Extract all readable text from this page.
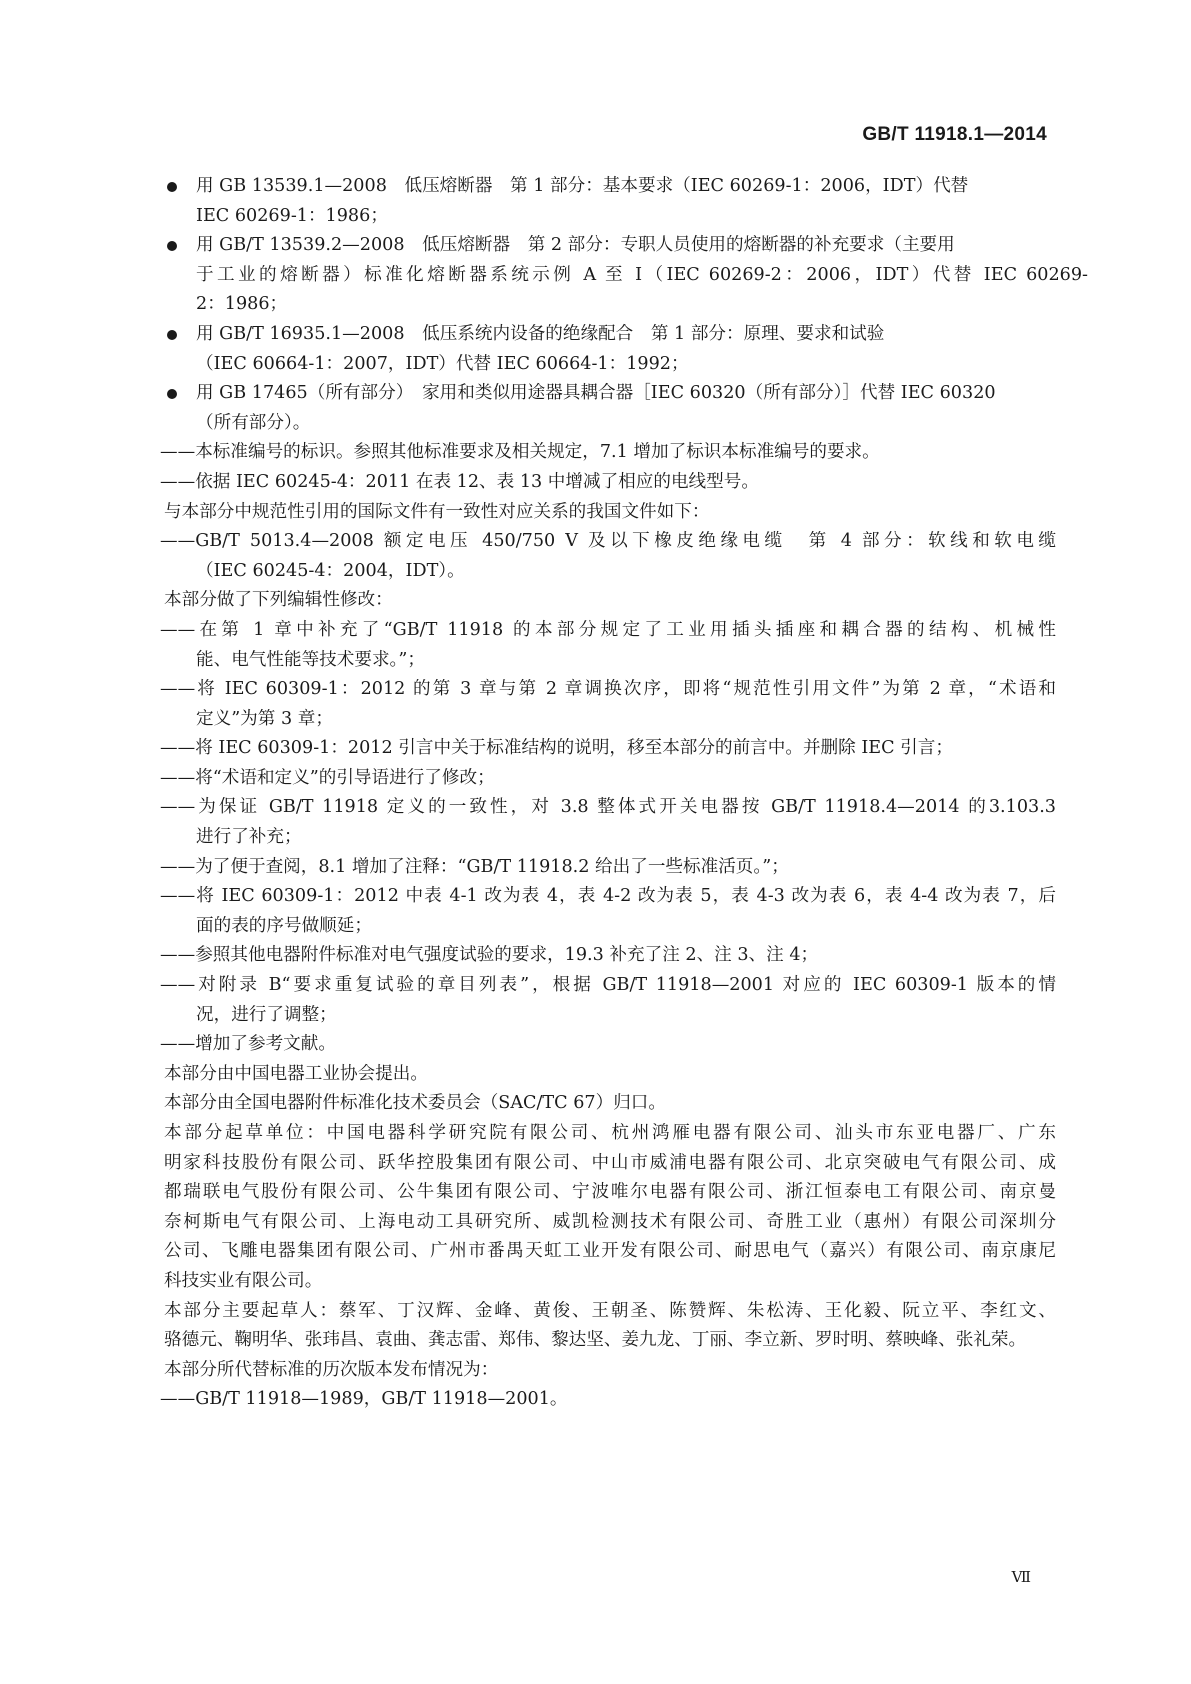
GB/T 11918.1—2014
用 GB 13539.1—2008　低压熔断器　第 1 部分：基本要求（IEC 60269-1：2006，IDT）代替
IEC 60269-1：1986；
用 GB/T 13539.2—2008　低压熔断器　第 2 部分：专职人员使用的熔断器的补充要求（主要用
于工业的熔断器）标准化熔断器系统示例 A 至 I（IEC 60269-2：2006，IDT）代替 IEC 60269-
2：1986；
用 GB/T 16935.1—2008　低压系统内设备的绝缘配合　第 1 部分：原理、要求和试验
（IEC 60664-1：2007，IDT）代替 IEC 60664-1：1992；
用 GB 17465（所有部分）　家用和类似用途器具耦合器［IEC 60320（所有部分）］代替 IEC 60320
（所有部分）。
——本标准编号的标识。参照其他标准要求及相关规定，7.1 增加了标识本标准编号的要求。
——依据 IEC 60245-4：2011 在表 12、表 13 中增减了相应的电线型号。
与本部分中规范性引用的国际文件有一致性对应关系的我国文件如下：
——GB/T 5013.4—2008 额定电压 450/750 V 及以下橡皮绝缘电缆　第 4 部分：软线和软电缆
（IEC 60245-4：2004，IDT）。
本部分做了下列编辑性修改：
——在第 1 章中补充了“GB/T 11918 的本部分规定了工业用插头插座和耦合器的结构、机械性
能、电气性能等技术要求。”；
——将 IEC 60309-1：2012 的第 3 章与第 2 章调换次序，即将“规范性引用文件”为第 2 章，“术语和
定义”为第 3 章；
——将 IEC 60309-1：2012 引言中关于标准结构的说明，移至本部分的前言中。并删除 IEC 引言；
——将“术语和定义”的引导语进行了修改；
——为保证 GB/T 11918 定义的一致性，对 3.8 整体式开关电器按 GB/T 11918.4—2014 的3.103.3
进行了补充；
——为了便于查阅，8.1 增加了注释：“GB/T 11918.2 给出了一些标准活页。”；
——将 IEC 60309-1：2012 中表 4-1 改为表 4，表 4-2 改为表 5，表 4-3 改为表 6，表 4-4 改为表 7，后
面的表的序号做顺延；
——参照其他电器附件标准对电气强度试验的要求，19.3 补充了注 2、注 3、注 4；
——对附录 B“要求重复试验的章目列表”，根据 GB/T 11918—2001 对应的 IEC 60309-1 版本的情
况，进行了调整；
——增加了参考文献。
本部分由中国电器工业协会提出。
本部分由全国电器附件标准化技术委员会（SAC/TC 67）归口。
本部分起草单位：中国电器科学研究院有限公司、杭州鸿雁电器有限公司、汕头市东亚电器厂、广东
明家科技股份有限公司、跃华控股集团有限公司、中山市威浦电器有限公司、北京突破电气有限公司、成
都瑞联电气股份有限公司、公牛集团有限公司、宁波唯尔电器有限公司、浙江恒泰电工有限公司、南京曼
奈柯斯电气有限公司、上海电动工具研究所、威凯检测技术有限公司、奇胜工业（惠州）有限公司深圳分
公司、飞雕电器集团有限公司、广州市番禺天虹工业开发有限公司、耐思电气（嘉兴）有限公司、南京康尼
科技实业有限公司。
本部分主要起草人：蔡军、丁汉辉、金峰、黄俊、王朝圣、陈赞辉、朱松涛、王化毅、阮立平、李红文、
骆德元、鞠明华、张玮昌、袁曲、龚志雷、郑伟、黎达坚、姜九龙、丁丽、李立新、罗时明、蔡映峰、张礼荣。
本部分所代替标准的历次版本发布情况为：
——GB/T 11918—1989，GB/T 11918—2001。
Ⅶ
